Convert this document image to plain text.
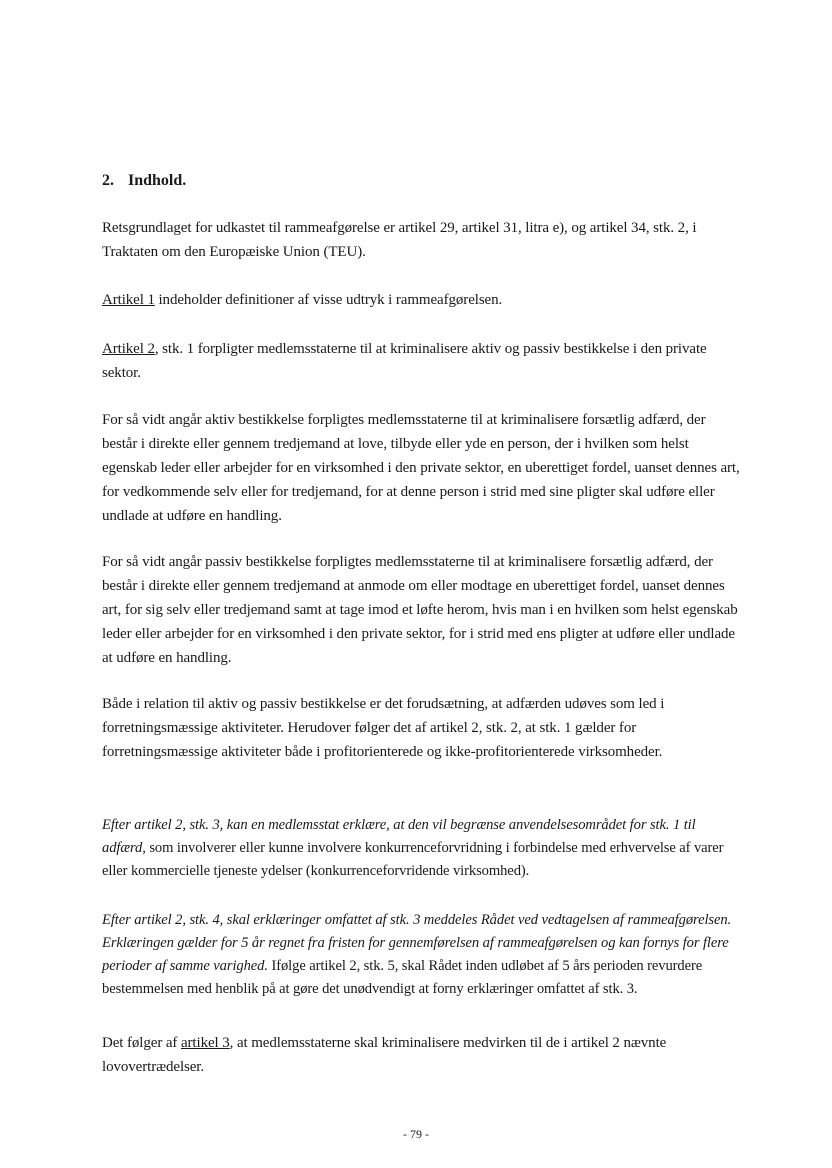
2. Indhold.
Retsgrundlaget for udkastet til rammeafgørelse er artikel 29, artikel 31, litra e), og artikel 34, stk. 2, i Traktaten om den Europæiske Union (TEU).
Artikel 1 indeholder definitioner af visse udtryk i rammeafgørelsen.
Artikel 2, stk. 1 forpligter medlemsstaterne til at kriminalisere aktiv og passiv bestikkelse i den private sektor.
For så vidt angår aktiv bestikkelse forpligtes medlemsstaterne til at kriminalisere forsætlig adfærd, der består i direkte eller gennem tredjemand at love, tilbyde eller yde en person, der i hvilken som helst egenskab leder eller arbejder for en virksomhed i den private sektor, en uberettiget fordel, uanset dennes art, for vedkommende selv eller for tredjemand, for at denne person i strid med sine pligter skal udføre eller undlade at udføre en handling.
For så vidt angår passiv bestikkelse forpligtes medlemsstaterne til at kriminalisere forsætlig adfærd, der består i direkte eller gennem tredjemand at anmode om eller modtage en uberettiget fordel, uanset dennes art, for sig selv eller tredjemand samt at tage imod et løfte herom, hvis man i en hvilken som helst egenskab leder eller arbejder for en virksomhed i den private sektor, for i strid med ens pligter at udføre eller undlade at udføre en handling.
Både i relation til aktiv og passiv bestikkelse er det forudsætning, at adfærden udøves som led i forretningsmæssige aktiviteter. Herudover følger det af artikel 2, stk. 2, at stk. 1 gælder for forretningsmæssige aktiviteter både i profitorienterede og ikke-profitorienterede virksomheder.
Efter artikel 2, stk. 3, kan en medlemsstat erklære, at den vil begrænse anvendelsesområdet for stk. 1 til adfærd, som involverer eller kunne involvere konkurrenceforvridning i forbindelse med erhvervelse af varer eller kommercielle tjeneste ydelser (konkurrenceforvridende virksomhed).
Efter artikel 2, stk. 4, skal erklæringer omfattet af stk. 3 meddeles Rådet ved vedtagelsen af rammeafgørelsen. Erklæringen gælder for 5 år regnet fra fristen for gennemførelsen af rammeafgørelsen og kan fornys for flere perioder af samme varighed. Ifølge artikel 2, stk. 5, skal Rådet inden udløbet af 5 års perioden revurdere bestemmelsen med henblik på at gøre det unødvendigt at forny erklæringer omfattet af stk. 3.
Det følger af artikel 3, at medlemsstaterne skal kriminalisere medvirken til de i artikel 2 nævnte lovovertrædelser.
- 79 -
